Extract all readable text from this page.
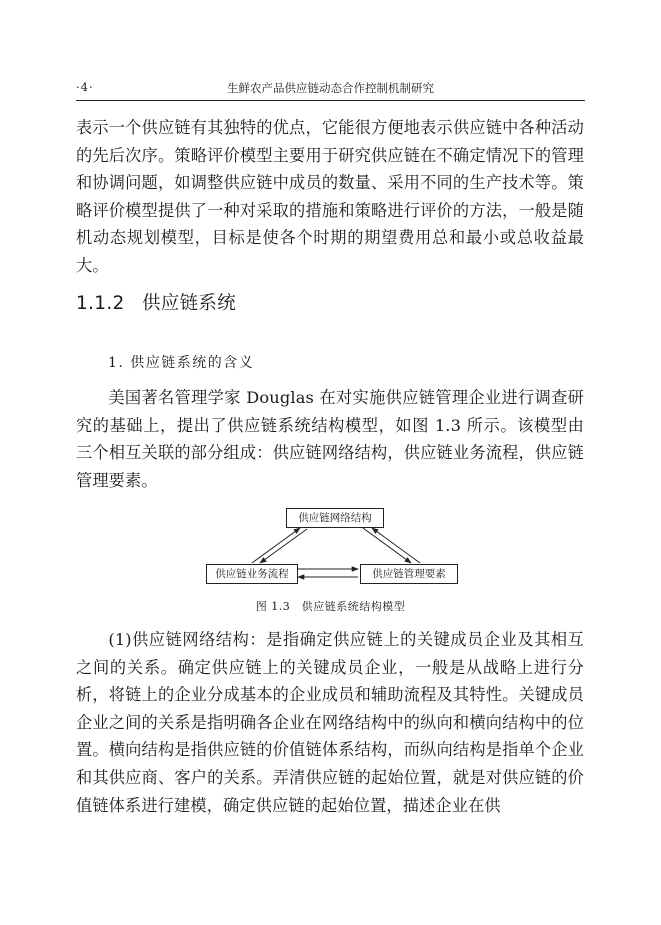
·4·	生鲜农产品供应链动态合作控制机制研究
表示一个供应链有其独特的优点，它能很方便地表示供应链中各种活动的先后次序。策略评价模型主要用于研究供应链在不确定情况下的管理和协调问题，如调整供应链中成员的数量、采用不同的生产技术等。策略评价模型提供了一种对采取的措施和策略进行评价的方法，一般是随机动态规划模型，目标是使各个时期的期望费用总和最小或总收益最大。
1.1.2 供应链系统
1. 供应链系统的含义
美国著名管理学家 Douglas 在对实施供应链管理企业进行调查研究的基础上，提出了供应链系统结构模型，如图 1.3 所示。该模型由三个相互关联的部分组成：供应链网络结构，供应链业务流程，供应链管理要素。
供应链网络结构
供应链业务流程	供应链管理要素
图 1.3　供应链系统结构模型
(1)供应链网络结构：是指确定供应链上的关键成员企业及其相互之间的关系。确定供应链上的关键成员企业，一般是从战略上进行分析，将链上的企业分成基本的企业成员和辅助流程及其特性。关键成员企业之间的关系是指明确各企业在网络结构中的纵向和横向结构中的位置。横向结构是指供应链的价值链体系结构，而纵向结构是指单个企业和其供应商、客户的关系。弄清供应链的起始位置，就是对供应链的价值链体系进行建模，确定供应链的起始位置，描述企业在供
